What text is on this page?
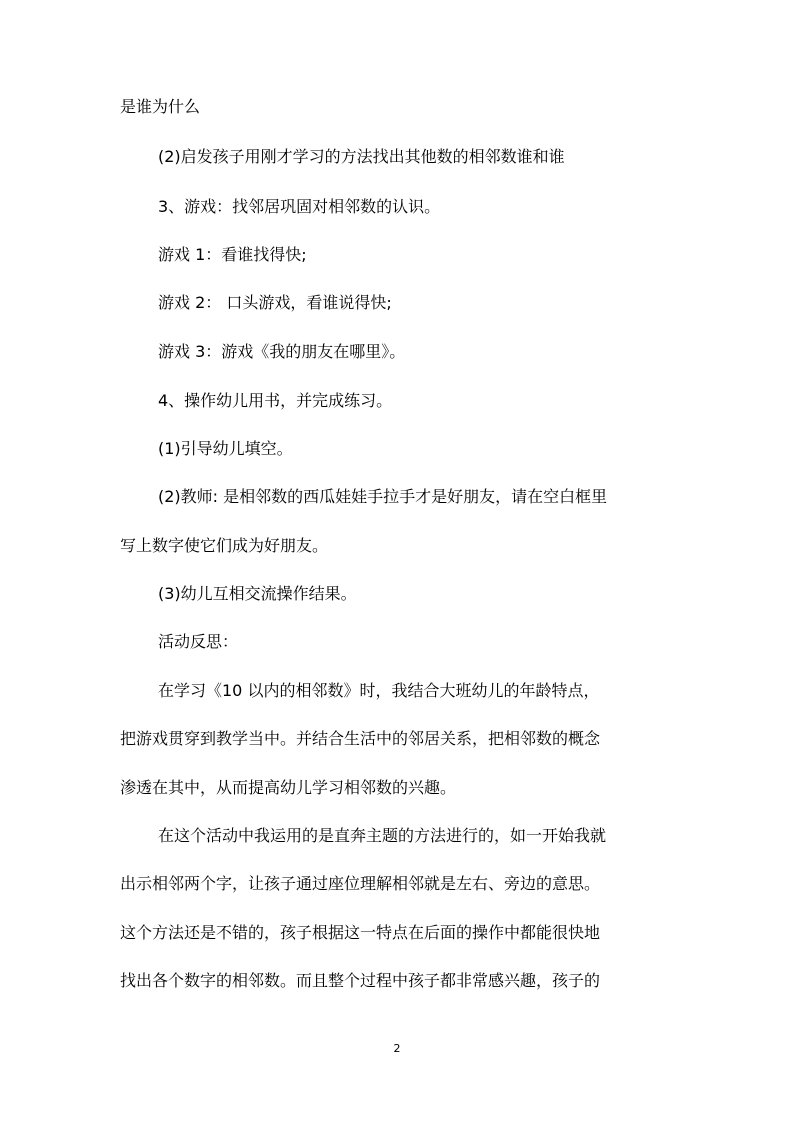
是谁为什么
(2)启发孩子用刚才学习的方法找出其他数的相邻数谁和谁
3、游戏：找邻居巩固对相邻数的认识。
游戏 1：看谁找得快;
游戏 2： 口头游戏，看谁说得快;
游戏 3：游戏《我的朋友在哪里》。
4、操作幼儿用书，并完成练习。
(1)引导幼儿填空。
(2)教师: 是相邻数的西瓜娃娃手拉手才是好朋友，请在空白框里
写上数字使它们成为好朋友。
(3)幼儿互相交流操作结果。
活动反思：
在学习《10 以内的相邻数》时，我结合大班幼儿的年龄特点，
把游戏贯穿到教学当中。并结合生活中的邻居关系，把相邻数的概念
渗透在其中，从而提高幼儿学习相邻数的兴趣。
在这个活动中我运用的是直奔主题的方法进行的，如一开始我就
出示相邻两个字，让孩子通过座位理解相邻就是左右、旁边的意思。
这个方法还是不错的，孩子根据这一特点在后面的操作中都能很快地
找出各个数字的相邻数。而且整个过程中孩子都非常感兴趣，孩子的
2
